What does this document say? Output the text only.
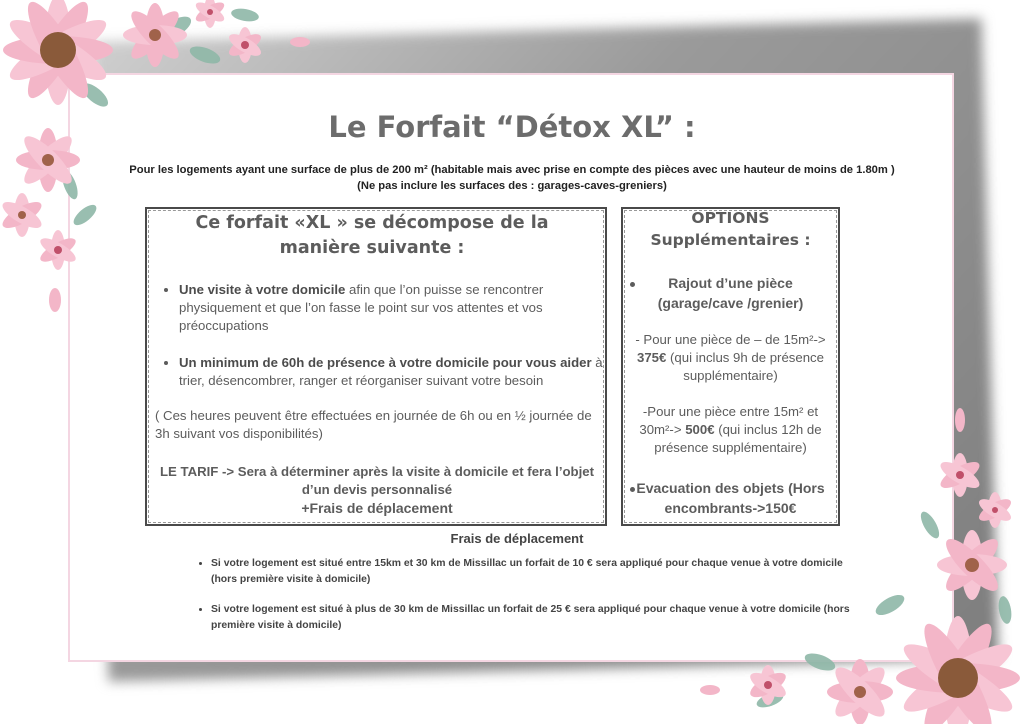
Le Forfait “Détox XL” :
Pour les logements ayant une surface de plus de 200 m² (habitable mais avec prise en compte des pièces avec une hauteur de moins de 1.80m )
(Ne pas inclure les surfaces des : garages-caves-greniers)
Ce forfait «XL » se décompose de la manière suivante :
• Une visite à votre domicile afin que l’on puisse se rencontrer physiquement et que l’on fasse le point sur vos attentes et vos préoccupations
• Un minimum de 60h de présence à votre domicile pour vous aider à trier, désencombrer, ranger et réorganiser suivant votre besoin
( Ces heures peuvent être effectuées en journée de 6h ou en ½ journée de 3h suivant vos disponibilités)
LE TARIF -> Sera à déterminer après la visite à domicile et fera l’objet d’un devis personnalisé
+Frais de déplacement
OPTIONS
Supplémentaires :
Rajout d’une pièce (garage/cave /grenier)
- Pour une pièce de – de 15m²-> 375€ (qui inclus 9h de présence supplémentaire)
-Pour une pièce entre 15m² et 30m²-> 500€ (qui inclus 12h de présence supplémentaire)
Evacuation des objets (Hors encombrants->150€
Frais de déplacement
• Si votre logement est situé entre 15km et 30 km de Missillac un forfait de 10 € sera appliqué pour chaque venue à votre domicile (hors première visite à domicile)
• Si votre logement est situé à plus de 30 km de Missillac un forfait de 25 € sera appliqué pour chaque venue à votre domicile (hors première visite à domicile)
